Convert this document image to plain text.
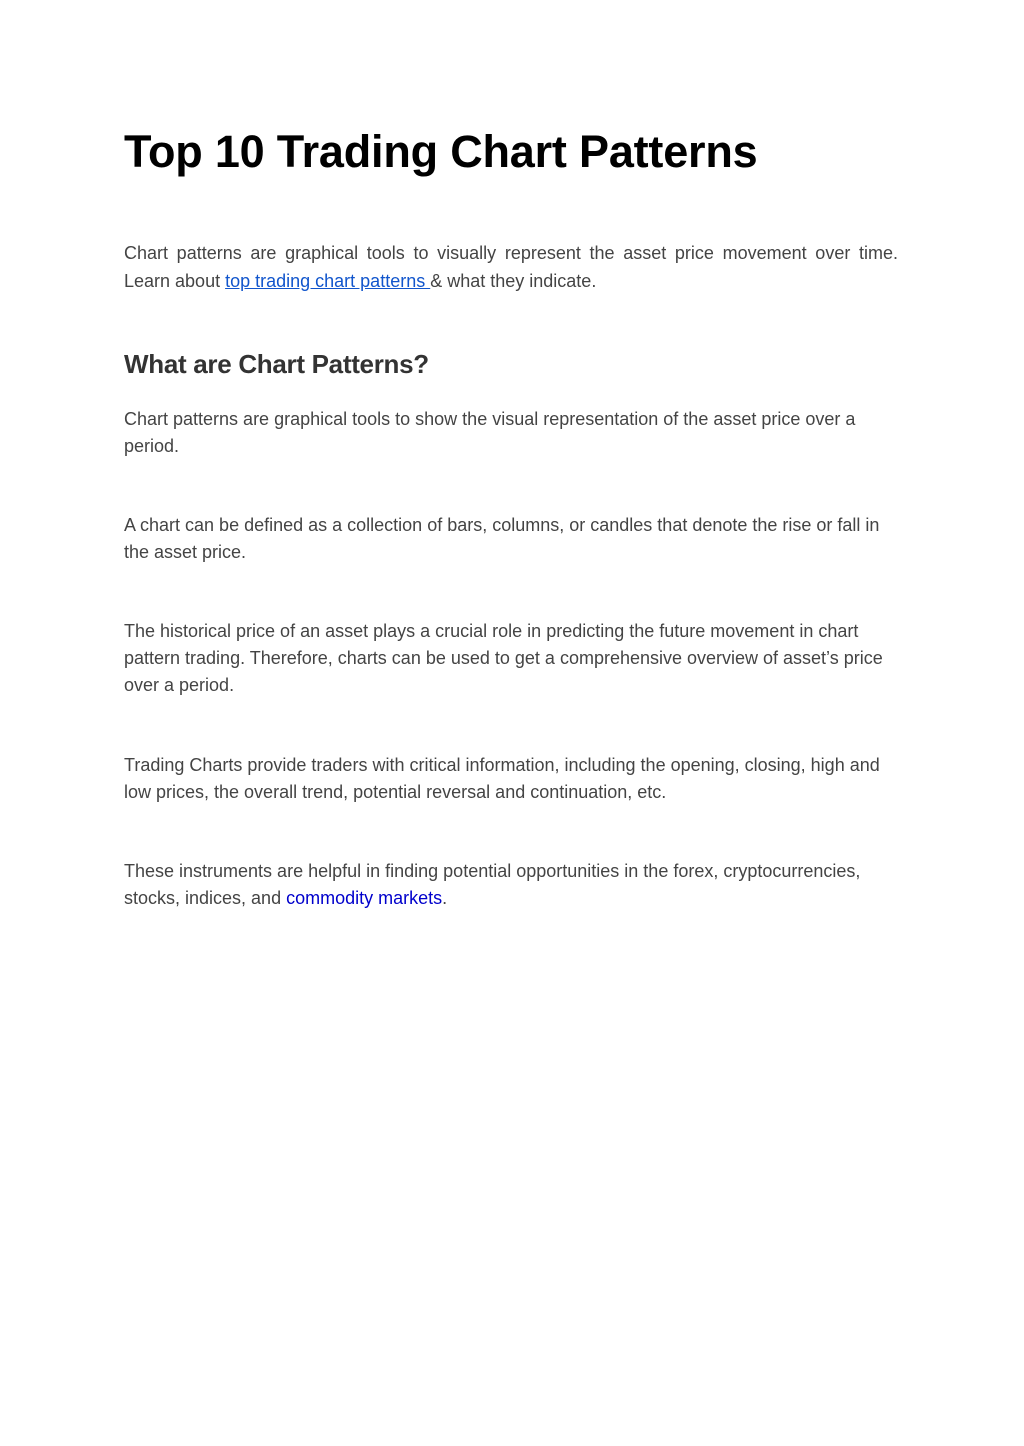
Top 10 Trading Chart Patterns

Chart patterns are graphical tools to visually represent the asset price movement over time. Learn about top trading chart patterns & what they indicate.

What are Chart Patterns?

Chart patterns are graphical tools to show the visual representation of the asset price over a period.

A chart can be defined as a collection of bars, columns, or candles that denote the rise or fall in the asset price.

The historical price of an asset plays a crucial role in predicting the future movement in chart pattern trading. Therefore, charts can be used to get a comprehensive overview of asset’s price over a period.

Trading Charts provide traders with critical information, including the opening, closing, high and low prices, the overall trend, potential reversal and continuation, etc.

These instruments are helpful in finding potential opportunities in the forex, cryptocurrencies, stocks, indices, and commodity markets.
